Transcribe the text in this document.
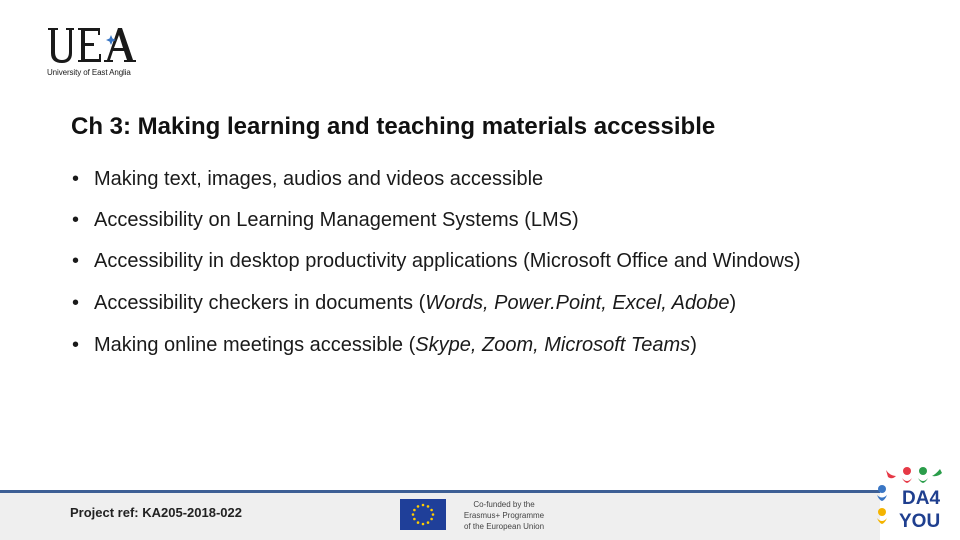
University of East Anglia
Ch 3: Making learning and teaching materials accessible
• Making text, images, audios and videos accessible
• Accessibility on Learning Management Systems (LMS)
• Accessibility in desktop productivity applications (Microsoft Office and Windows)
• Accessibility checkers in documents (Words, Power.Point, Excel, Adobe)
• Making online meetings accessible (Skype, Zoom, Microsoft Teams)
Project ref: KA205-2018-022
Co-funded by the
Erasmus+ Programme
of the European Union
DA4
YOU
